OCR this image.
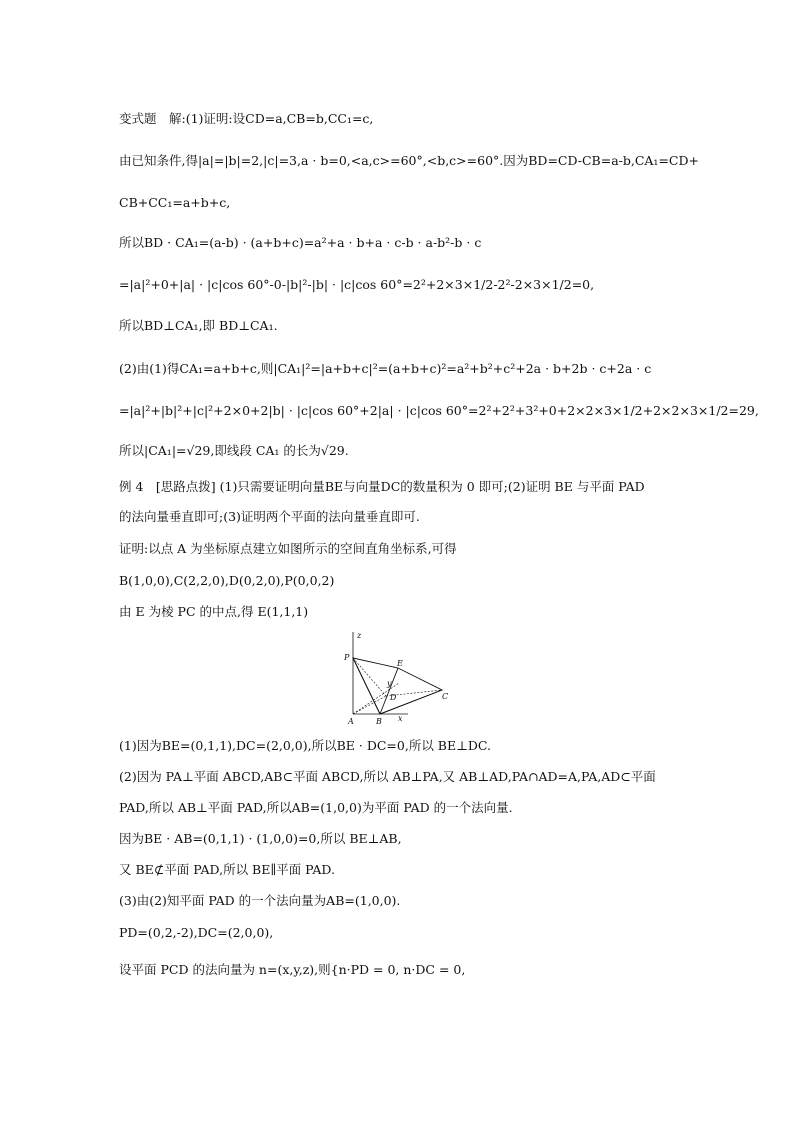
变式题　解:(1)证明:设CD=a,CB=b,CC₁=c,
由已知条件,得|a|=|b|=2,|c|=3,a · b=0,<a,c>=60°,<b,c>=60°.因为BD=CD-CB=a-b,CA₁=CD+
CB+CC₁=a+b+c,
所以BD · CA₁=(a-b) · (a+b+c)=a²+a · b+a · c-b · a-b²-b · c
=|a|²+0+|a| · |c|cos 60°-0-|b|²-|b| · |c|cos 60°=2²+2×3×1/2-2²-2×3×1/2=0,
所以BD⊥CA₁,即 BD⊥CA₁.
(2)由(1)得CA₁=a+b+c,则|CA₁|²=|a+b+c|²=(a+b+c)²=a²+b²+c²+2a · b+2b · c+2a · c
=|a|²+|b|²+|c|²+2×0+2|b| · |c|cos 60°+2|a| · |c|cos 60°=2²+2²+3²+0+2×2×3×1/2+2×2×3×1/2=29,
所以|CA₁|=√29,即线段 CA₁ 的长为√29.
例 4　[思路点拨] (1)只需要证明向量BE与向量DC的数量积为 0 即可;(2)证明 BE 与平面 PAD
的法向量垂直即可;(3)证明两个平面的法向量垂直即可.
证明:以点 A 为坐标原点建立如图所示的空间直角坐标系,可得
B(1,0,0),C(2,2,0),D(0,2,0),P(0,0,2)
由 E 为棱 PC 的中点,得 E(1,1,1)
z
P
E
y
D	C
A	B x
(1)因为BE=(0,1,1),DC=(2,0,0),所以BE · DC=0,所以 BE⊥DC.
(2)因为 PA⊥平面 ABCD,AB⊂平面 ABCD,所以 AB⊥PA,又 AB⊥AD,PA∩AD=A,PA,AD⊂平面
PAD,所以 AB⊥平面 PAD,所以AB=(1,0,0)为平面 PAD 的一个法向量.
因为BE · AB=(0,1,1) · (1,0,0)=0,所以 BE⊥AB,
又 BE⊄平面 PAD,所以 BE∥平面 PAD.
(3)由(2)知平面 PAD 的一个法向量为AB=(1,0,0).
PD=(0,2,-2),DC=(2,0,0),
设平面 PCD 的法向量为 n=(x,y,z),则{n·PD = 0, n·DC = 0,
